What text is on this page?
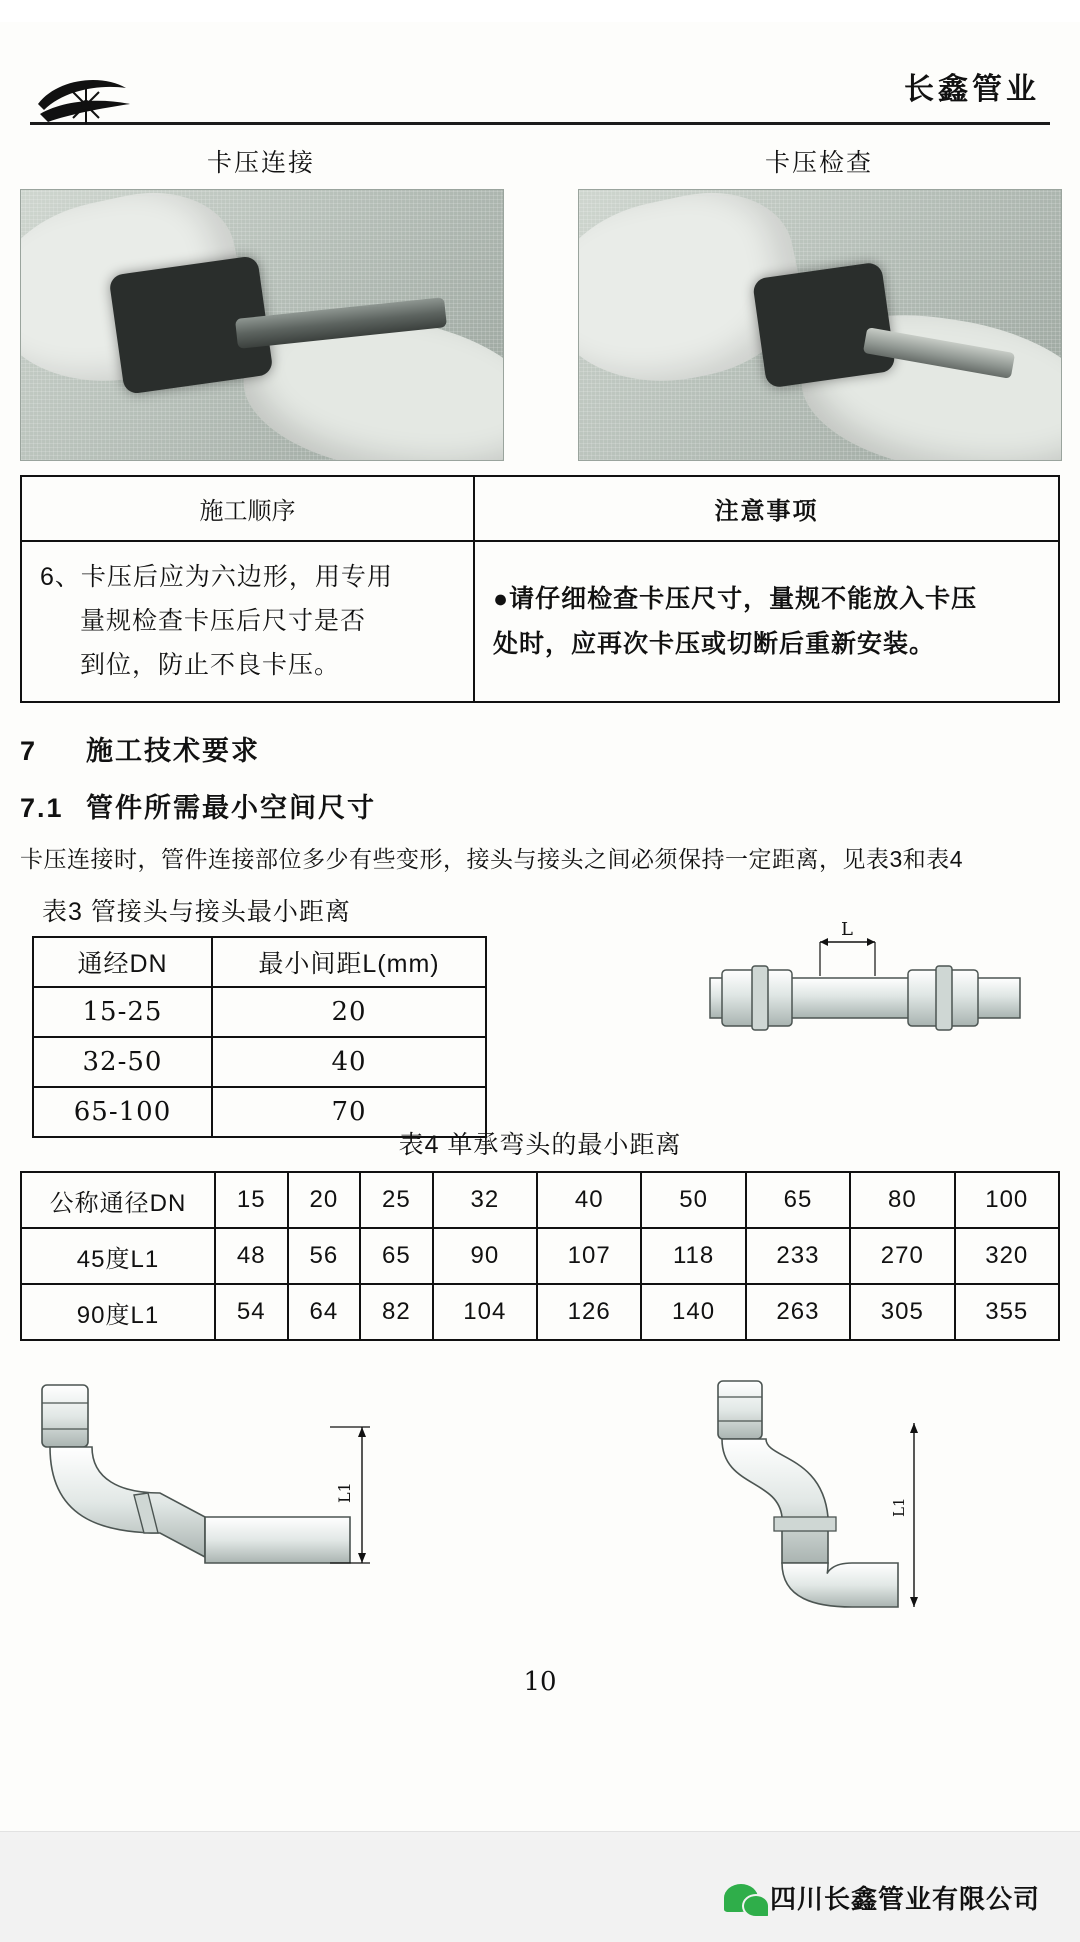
长鑫管业
卡压连接	卡压检查
施工顺序	注意事项

6、卡压后应为六边形，用专用
量规检查卡压后尺寸是否
到位，防止不良卡压。	●请仔细检查卡压尺寸，量规不能放入卡压
处时，应再次卡压或切断后重新安装。
7 施工技术要求
7.1 管件所需最小空间尺寸
卡压连接时，管件连接部位多少有些变形，接头与接头之间必须保持一定距离，见表3和表4
表3 管接头与接头最小距离
通经DN	最小间距L(mm)
15-25	20
32-50	40
65-100	70
L
表4 单承弯头的最小距离
公称通径DN	15	20	25	32	40	50	65	80	100
45度L1	48	56	65	90	107	118	233	270	320
90度L1	54	64	82	104	126	140	263	305	355
L1
L1
10
四川长鑫管业有限公司
